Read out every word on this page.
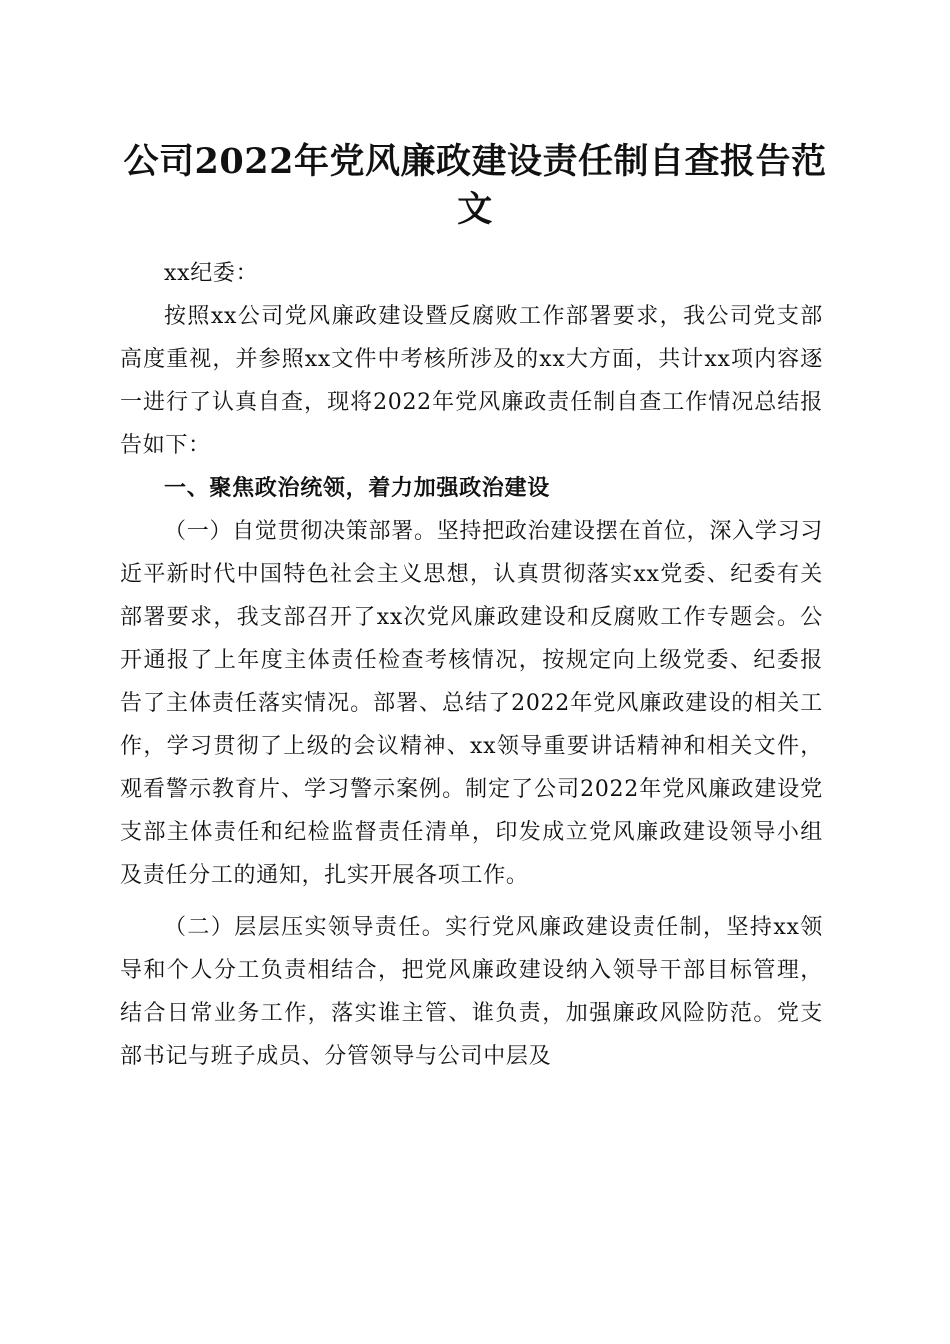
公司2022年党风廉政建设责任制自查报告范文

xx纪委：

按照xx公司党风廉政建设暨反腐败工作部署要求，我公司党支部高度重视，并参照xx文件中考核所涉及的xx大方面，共计xx项内容逐一进行了认真自查，现将2022年党风廉政责任制自查工作情况总结报告如下：

一、聚焦政治统领，着力加强政治建设

（一）自觉贯彻决策部署。坚持把政治建设摆在首位，深入学习习近平新时代中国特色社会主义思想，认真贯彻落实xx党委、纪委有关部署要求，我支部召开了xx次党风廉政建设和反腐败工作专题会。公开通报了上年度主体责任检查考核情况，按规定向上级党委、纪委报告了主体责任落实情况。部署、总结了2022年党风廉政建设的相关工作，学习贯彻了上级的会议精神、xx领导重要讲话精神和相关文件，观看警示教育片、学习警示案例。制定了公司2022年党风廉政建设党支部主体责任和纪检监督责任清单，印发成立党风廉政建设领导小组及责任分工的通知，扎实开展各项工作。

（二）层层压实领导责任。实行党风廉政建设责任制，坚持xx领导和个人分工负责相结合，把党风廉政建设纳入领导干部目标管理，结合日常业务工作，落实谁主管、谁负责，加强廉政风险防范。党支部书记与班子成员、分管领导与公司中层及
